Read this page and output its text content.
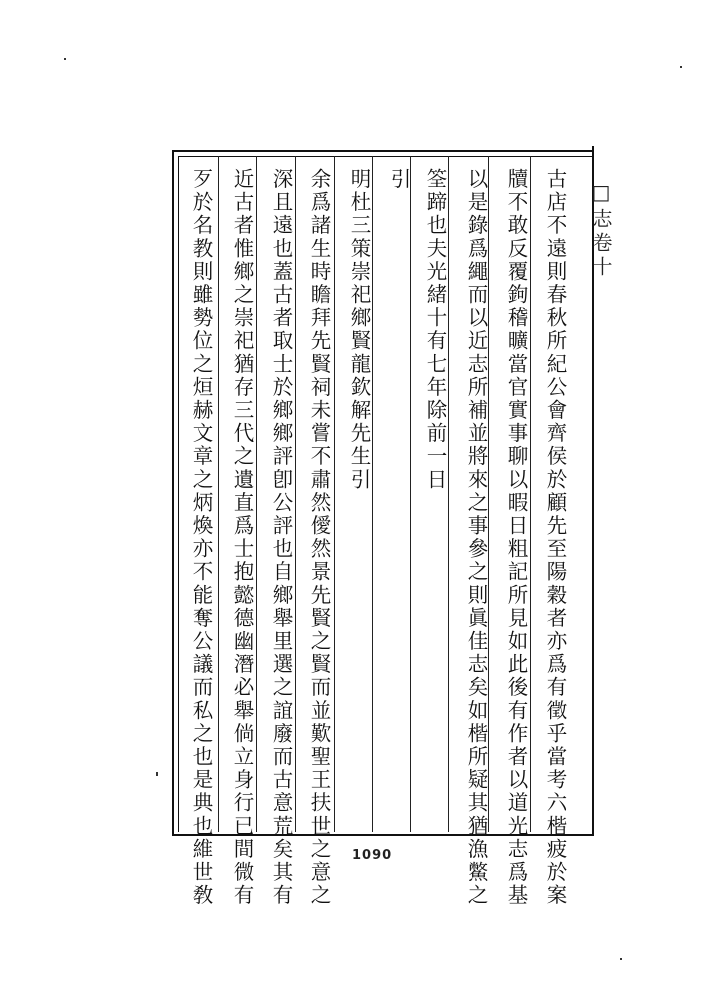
□志卷十
古店不遠則春秋所紀公會齊侯於顧先至陽穀者亦爲有徵乎當考六楷疲於案
牘不敢反覆鉤稽曠當官實事聊以暇日粗記所見如此後有作者以道光志爲基
以是錄爲繩而以近志所補並將來之事參之則眞佳志矣如楷所疑其猶漁鱉之
筌蹄也夫光緒十有七年除前一日
引
明杜三策崇祀鄉賢龍欽解先生引
余爲諸生時瞻拜先賢祠未嘗不肅然僾然景先賢之賢而並歎聖王扶世之意之
深且遠也蓋古者取士於鄉鄉評卽公評也自鄉舉里選之誼廢而古意荒矣其有
近古者惟鄉之崇祀猶存三代之遺直爲士抱懿德幽潛必舉倘立身行已間微有
歹於名教則雖勢位之烜赫文章之炳煥亦不能奪公議而私之也是典也維世敎	1090
